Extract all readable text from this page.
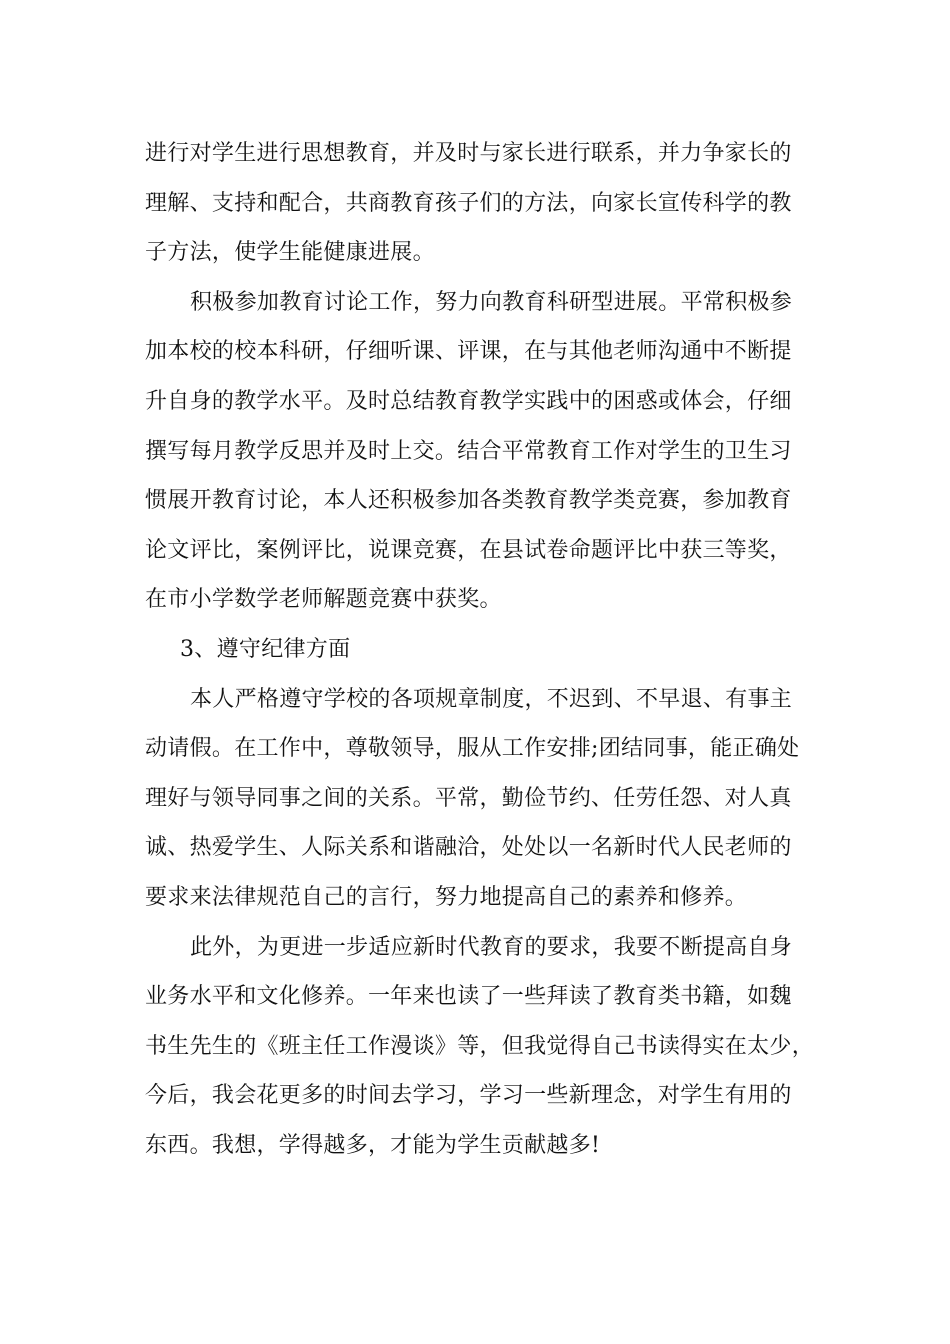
进行对学生进行思想教育，并及时与家长进行联系，并力争家长的
理解、支持和配合，共商教育孩子们的方法，向家长宣传科学的教
子方法，使学生能健康进展。
积极参加教育讨论工作，努力向教育科研型进展。平常积极参
加本校的校本科研，仔细听课、评课，在与其他老师沟通中不断提
升自身的教学水平。及时总结教育教学实践中的困惑或体会，仔细
撰写每月教学反思并及时上交。结合平常教育工作对学生的卫生习
惯展开教育讨论，本人还积极参加各类教育教学类竞赛，参加教育
论文评比，案例评比，说课竞赛，在县试卷命题评比中获三等奖，
在市小学数学老师解题竞赛中获奖。
3、遵守纪律方面
本人严格遵守学校的各项规章制度，不迟到、不早退、有事主
动请假。在工作中，尊敬领导，服从工作安排;团结同事，能正确处
理好与领导同事之间的关系。平常，勤俭节约、任劳任怨、对人真
诚、热爱学生、人际关系和谐融洽，处处以一名新时代人民老师的
要求来法律规范自己的言行，努力地提高自己的素养和修养。
此外，为更进一步适应新时代教育的要求，我要不断提高自身
业务水平和文化修养。一年来也读了一些拜读了教育类书籍，如魏
书生先生的《班主任工作漫谈》等，但我觉得自己书读得实在太少，
今后，我会花更多的时间去学习，学习一些新理念，对学生有用的
东西。我想，学得越多，才能为学生贡献越多!
